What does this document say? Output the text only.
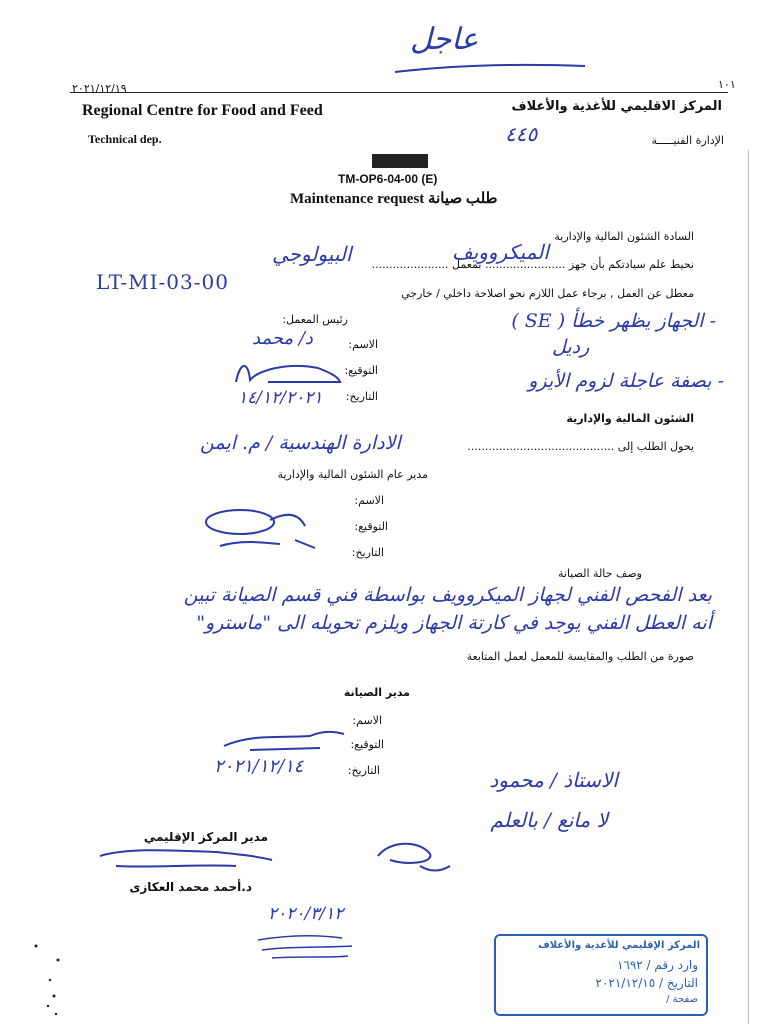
عاجل
٢٠٢١/١٢/١٩	١٠١
Regional Centre for Food and Feed	المركز الاقليمي للأغذية والأعلاف
Technical dep.	الإدارة الفنيـــــة
٤٤٥
TM-OP6-04-00 (E)
Maintenance request طلب صيانة
السادة الشئون المالية والإدارية
نحيط علم سيادتكم بأن جهز ....................... بمعمل ......................
الميكروويف
البيولوجي
LT-MI-03-00	معطل عن العمل , برجاء عمل اللازم نحو اصلاحة داخلي / خارجي
رئيس المعمل:
الاسم:
د/ محمد
التوقيع:
التاريخ:
١٤/١٢/٢٠٢١
- الجهاز يظهر خطأ ( SE )
رديل
- بصفة عاجلة لزوم الأيزو
الشئون المالية والإدارية
يحول الطلب إلى ..........................................
الادارة الهندسية / م. ايمن
مدير عام الشئون المالية والإدارية
الاسم:
التوقيع:
التاريخ:
وصف حالة الصيانة
بعد الفحص الفني لجهاز الميكروويف بواسطة فني قسم الصيانة تبين
أنه العطل الفني يوجد في كارتة الجهاز ويلزم تحويله الى "ماسترو"
صورة من الطلب والمقايسة للمعمل لعمل المتابعة
مدير الصيانة
الاسم:
التوقيع:
التاريخ:
٢٠٢١/١٢/١٤
الاستاذ / محمود
لا مانع / بالعلم
مدير المركز الإقليمي
د.أحمد محمد العكازى
٢٠٢٠/٣/١٢
المركز الإقليمي للأغذية والأعلاف
وارد رقم / ١٦٩٢
التاريخ / ٢٠٢١/١٢/١٥
صفحة /
